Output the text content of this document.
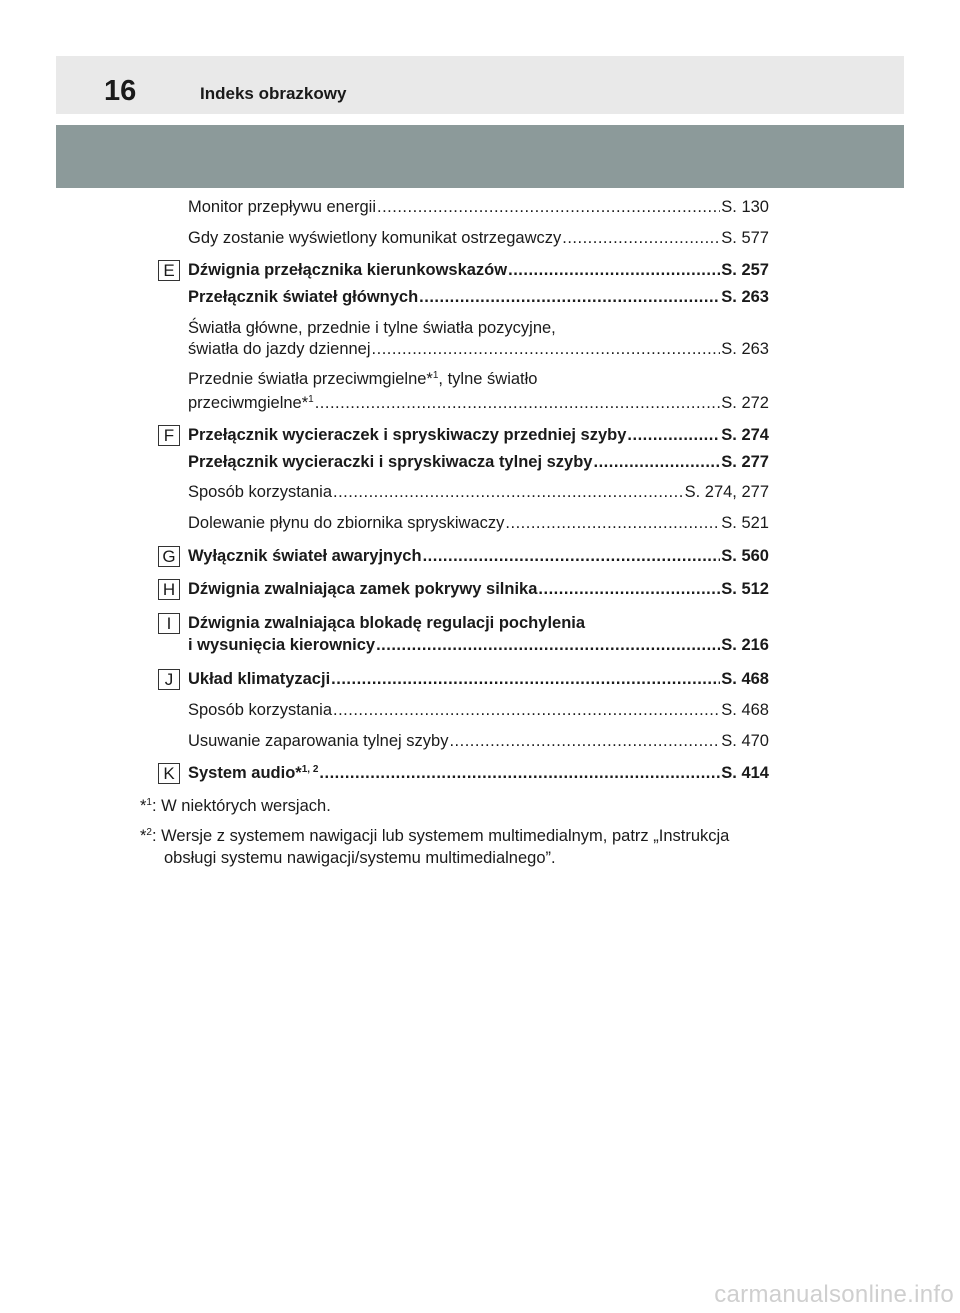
16	Indeks obrazkowy
Monitor przepływu energii .....	S. 130
Gdy zostanie wyświetlony komunikat ostrzegawczy .....	S. 577
E Dźwignia przełącznika kierunkowskazów .....	S. 257
Przełącznik świateł głównych .....	S. 263
Światła główne, przednie i tylne światła pozycyjne,
światła do jazdy dziennej .....	S. 263
Przednie światła przeciwmgielne*$^1$, tylne światło
przeciwmgielne*$^1$ .....	S. 272
F Przełącznik wycieraczek i spryskiwaczy przedniej szyby .....	S. 274
Przełącznik wycieraczki i spryskiwacza tylnej szyby .....	S. 277
Sposób korzystania .....	S. 274, 277
Dolewanie płynu do zbiornika spryskiwaczy .....	S. 521
G Wyłącznik świateł awaryjnych .....	S. 560
H Dźwignia zwalniająca zamek pokrywy silnika .....	S. 512
I	Dźwignia zwalniająca blokadę regulacji pochylenia
i wysunięcia kierownicy .....	S. 216
J Układ klimatyzacji .....	S. 468
Sposób korzystania .....	S. 468
Usuwanie zaparowania tylnej szyby .....	S. 470
K System audio*$^{1, 2}$ .....	S. 414
*$^1$: W niektórych wersjach.
*$^2$: Wersje z systemem nawigacji lub systemem multimedialnym, patrz „Instrukcja
obsługi systemu nawigacji/systemu multimedialnego”.
carmanualsonline.info
